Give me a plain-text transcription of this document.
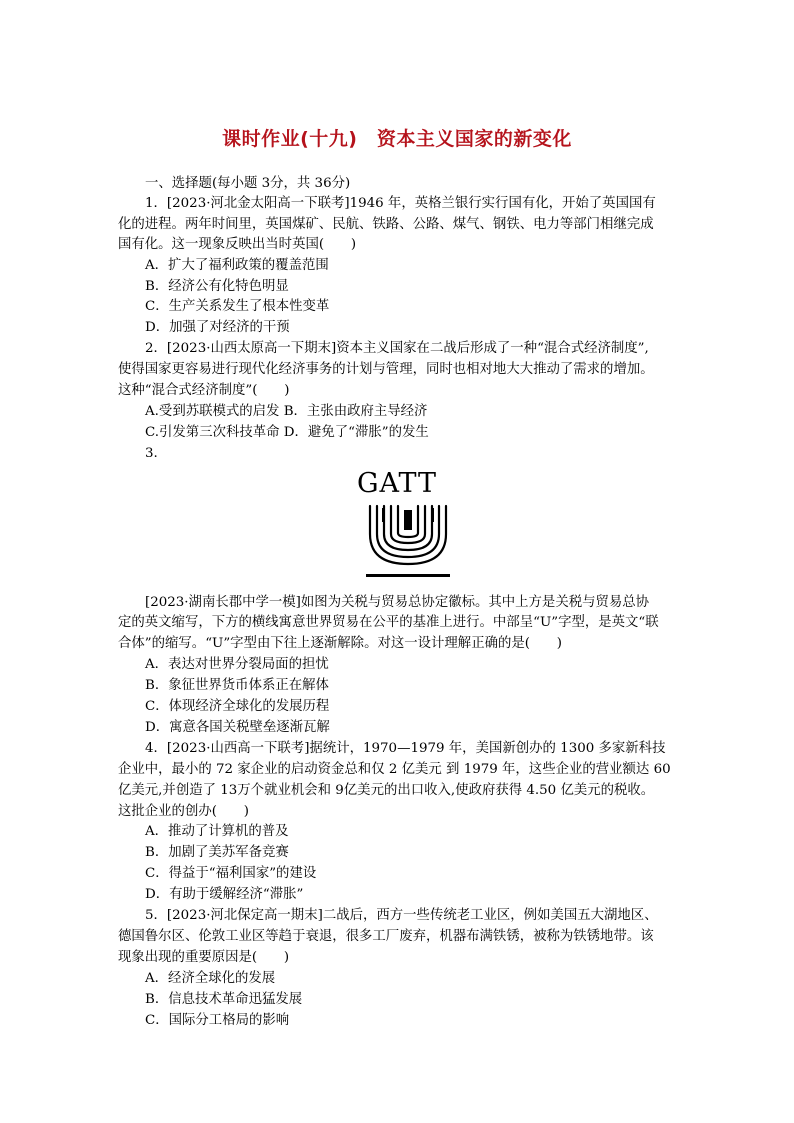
课时作业(十九)　资本主义国家的新变化
一、选择题(每小题 3分，共 36分)
1．[2023·河北金太阳高一下联考]1946 年，英格兰银行实行国有化，开始了英国国有
化的进程。两年时间里，英国煤矿、民航、铁路、公路、煤气、钢铁、电力等部门相继完成
国有化。这一现象反映出当时英国(　　)
A．扩大了福利政策的覆盖范围
B．经济公有化特色明显
C．生产关系发生了根本性变革
D．加强了对经济的干预
2．[2023·山西太原高一下期末]资本主义国家在二战后形成了一种“混合式经济制度”,
使得国家更容易进行现代化经济事务的计划与管理，同时也相对地大大推动了需求的增加。
这种“混合式经济制度”(　　)
A.受到苏联模式的启发 B．主张由政府主导经济
C.引发第三次科技革命 D．避免了“滞胀”的发生
3.
GATT
[2023·湖南长郡中学一模]如图为关税与贸易总协定徽标。其中上方是关税与贸易总协
定的英文缩写，下方的横线寓意世界贸易在公平的基准上进行。中部呈“U”字型，是英文“联
合体”的缩写。“U”字型由下往上逐渐解除。对这一设计理解正确的是(　　)
A．表达对世界分裂局面的担忧
B．象征世界货币体系正在解体
C．体现经济全球化的发展历程
D．寓意各国关税壁垒逐渐瓦解
4．[2023·山西高一下联考]据统计，1970—1979 年，美国新创办的 1300 多家新科技
企业中，最小的 72 家企业的启动资金总和仅 2 亿美元 到 1979 年，这些企业的营业额达 60
亿美元,并创造了 13万个就业机会和 9亿美元的出口收入,使政府获得 4.50 亿美元的税收。
这批企业的创办(　　)
A．推动了计算机的普及
B．加剧了美苏军备竞赛
C．得益于“福利国家”的建设
D．有助于缓解经济“滞胀”
5．[2023·河北保定高一期末]二战后，西方一些传统老工业区，例如美国五大湖地区、
德国鲁尔区、伦敦工业区等趋于衰退，很多工厂废弃，机器布满铁锈，被称为铁锈地带。该
现象出现的重要原因是(　　)
A．经济全球化的发展
B．信息技术革命迅猛发展
C．国际分工格局的影响
